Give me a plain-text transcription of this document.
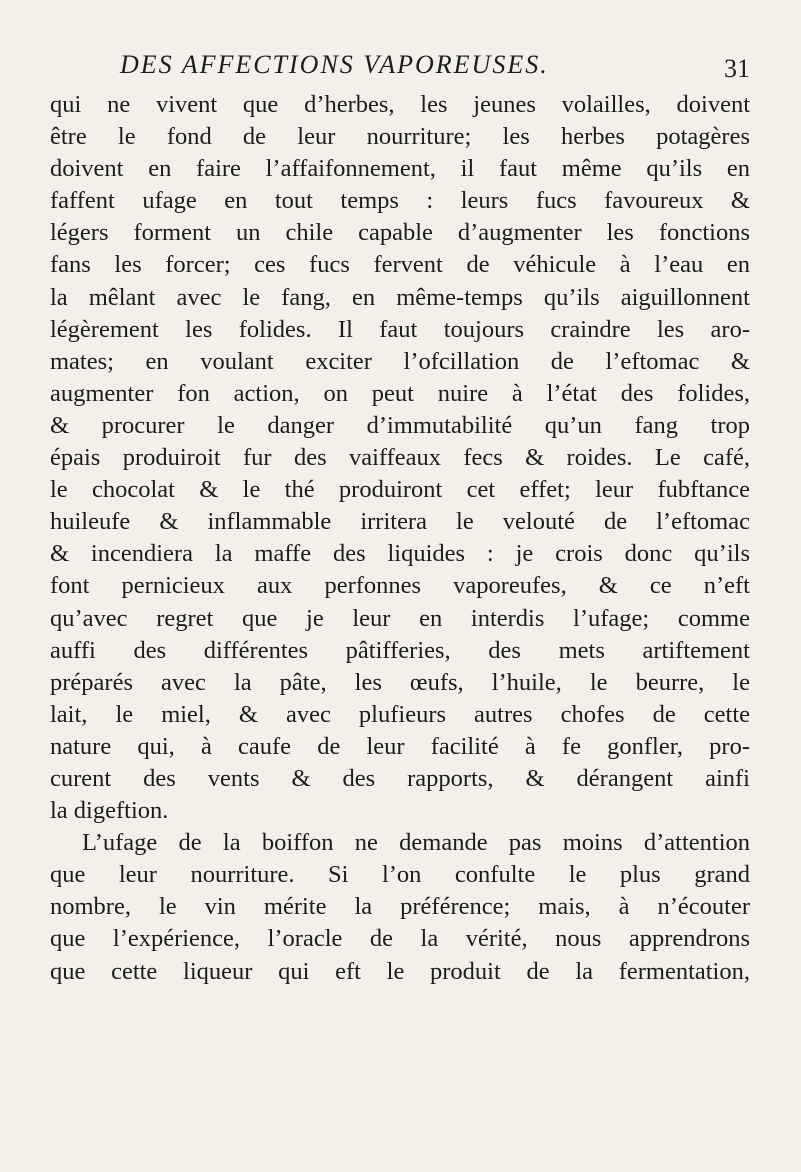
DES AFFECTIONS VAPOREUSES.	31
qui ne vivent que d’herbes, les jeunes volailles, doivent
être le fond de leur nourriture; les herbes potagères
doivent en faire l’affaifonnement, il faut même qu’ils en
faffent ufage en tout temps : leurs fucs favoureux &
légers forment un chile capable d’augmenter les fonctions
fans les forcer; ces fucs fervent de véhicule à l’eau en
la mêlant avec le fang, en même-temps qu’ils aiguillonnent
légèrement les folides. Il faut toujours craindre les aro-
mates; en voulant exciter l’ofcillation de l’eftomac &
augmenter fon action, on peut nuire à l’état des folides,
& procurer le danger d’immutabilité qu’un fang trop
épais produiroit fur des vaiffeaux fecs & roides. Le café,
le chocolat & le thé produiront cet effet; leur fubftance
huileufe & inflammable irritera le velouté de l’eftomac
& incendiera la maffe des liquides : je crois donc qu’ils
font pernicieux aux perfonnes vaporeufes, & ce n’eft
qu’avec regret que je leur en interdis l’ufage; comme
auffi des différentes pâtifferies, des mets artiftement
préparés avec la pâte, les œufs, l’huile, le beurre, le
lait, le miel, & avec plufieurs autres chofes de cette
nature qui, à caufe de leur facilité à fe gonfler, pro-
curent des vents & des rapports, & dérangent ainfi
la digeftion.
L’ufage de la boiffon ne demande pas moins d’attention
que leur nourriture. Si l’on confulte le plus grand
nombre, le vin mérite la préférence; mais, à n’écouter
que l’expérience, l’oracle de la vérité, nous apprendrons
que cette liqueur qui eft le produit de la fermentation,
